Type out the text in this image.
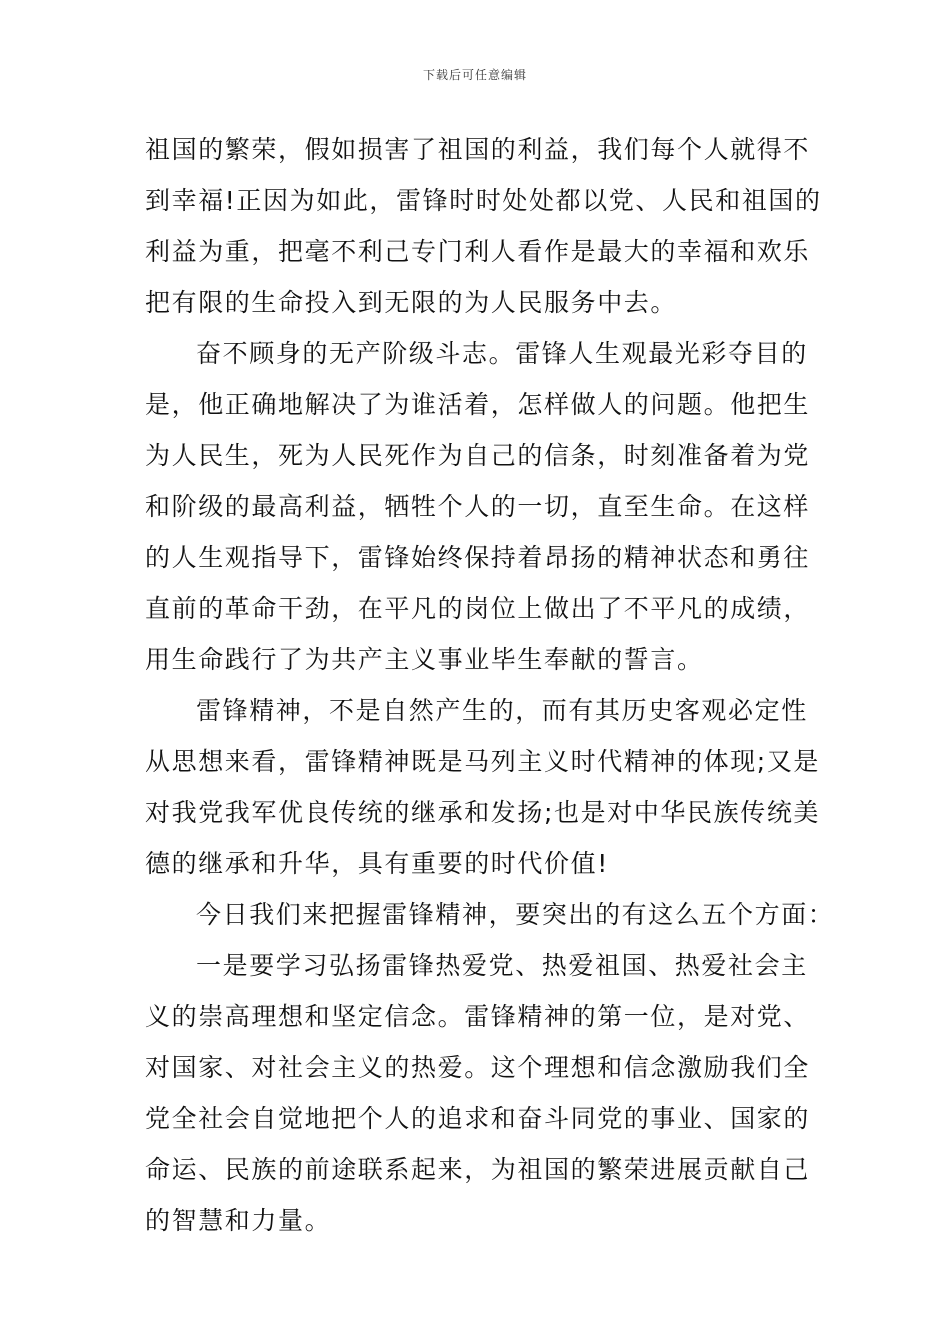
下载后可任意编辑
祖国的繁荣，假如损害了祖国的利益，我们每个人就得不
到幸福!正因为如此，雷锋时时处处都以党、人民和祖国的
利益为重，把毫不利己专门利人看作是最大的幸福和欢乐
把有限的生命投入到无限的为人民服务中去。
奋不顾身的无产阶级斗志。雷锋人生观最光彩夺目的
是，他正确地解决了为谁活着，怎样做人的问题。他把生
为人民生，死为人民死作为自己的信条，时刻准备着为党
和阶级的最高利益，牺牲个人的一切，直至生命。在这样
的人生观指导下，雷锋始终保持着昂扬的精神状态和勇往
直前的革命干劲，在平凡的岗位上做出了不平凡的成绩，
用生命践行了为共产主义事业毕生奉献的誓言。
雷锋精神，不是自然产生的，而有其历史客观必定性
从思想来看，雷锋精神既是马列主义时代精神的体现;又是
对我党我军优良传统的继承和发扬;也是对中华民族传统美
德的继承和升华，具有重要的时代价值!
今日我们来把握雷锋精神，要突出的有这么五个方面：
一是要学习弘扬雷锋热爱党、热爱祖国、热爱社会主
义的崇高理想和坚定信念。雷锋精神的第一位，是对党、
对国家、对社会主义的热爱。这个理想和信念激励我们全
党全社会自觉地把个人的追求和奋斗同党的事业、国家的
命运、民族的前途联系起来，为祖国的繁荣进展贡献自己
的智慧和力量。
